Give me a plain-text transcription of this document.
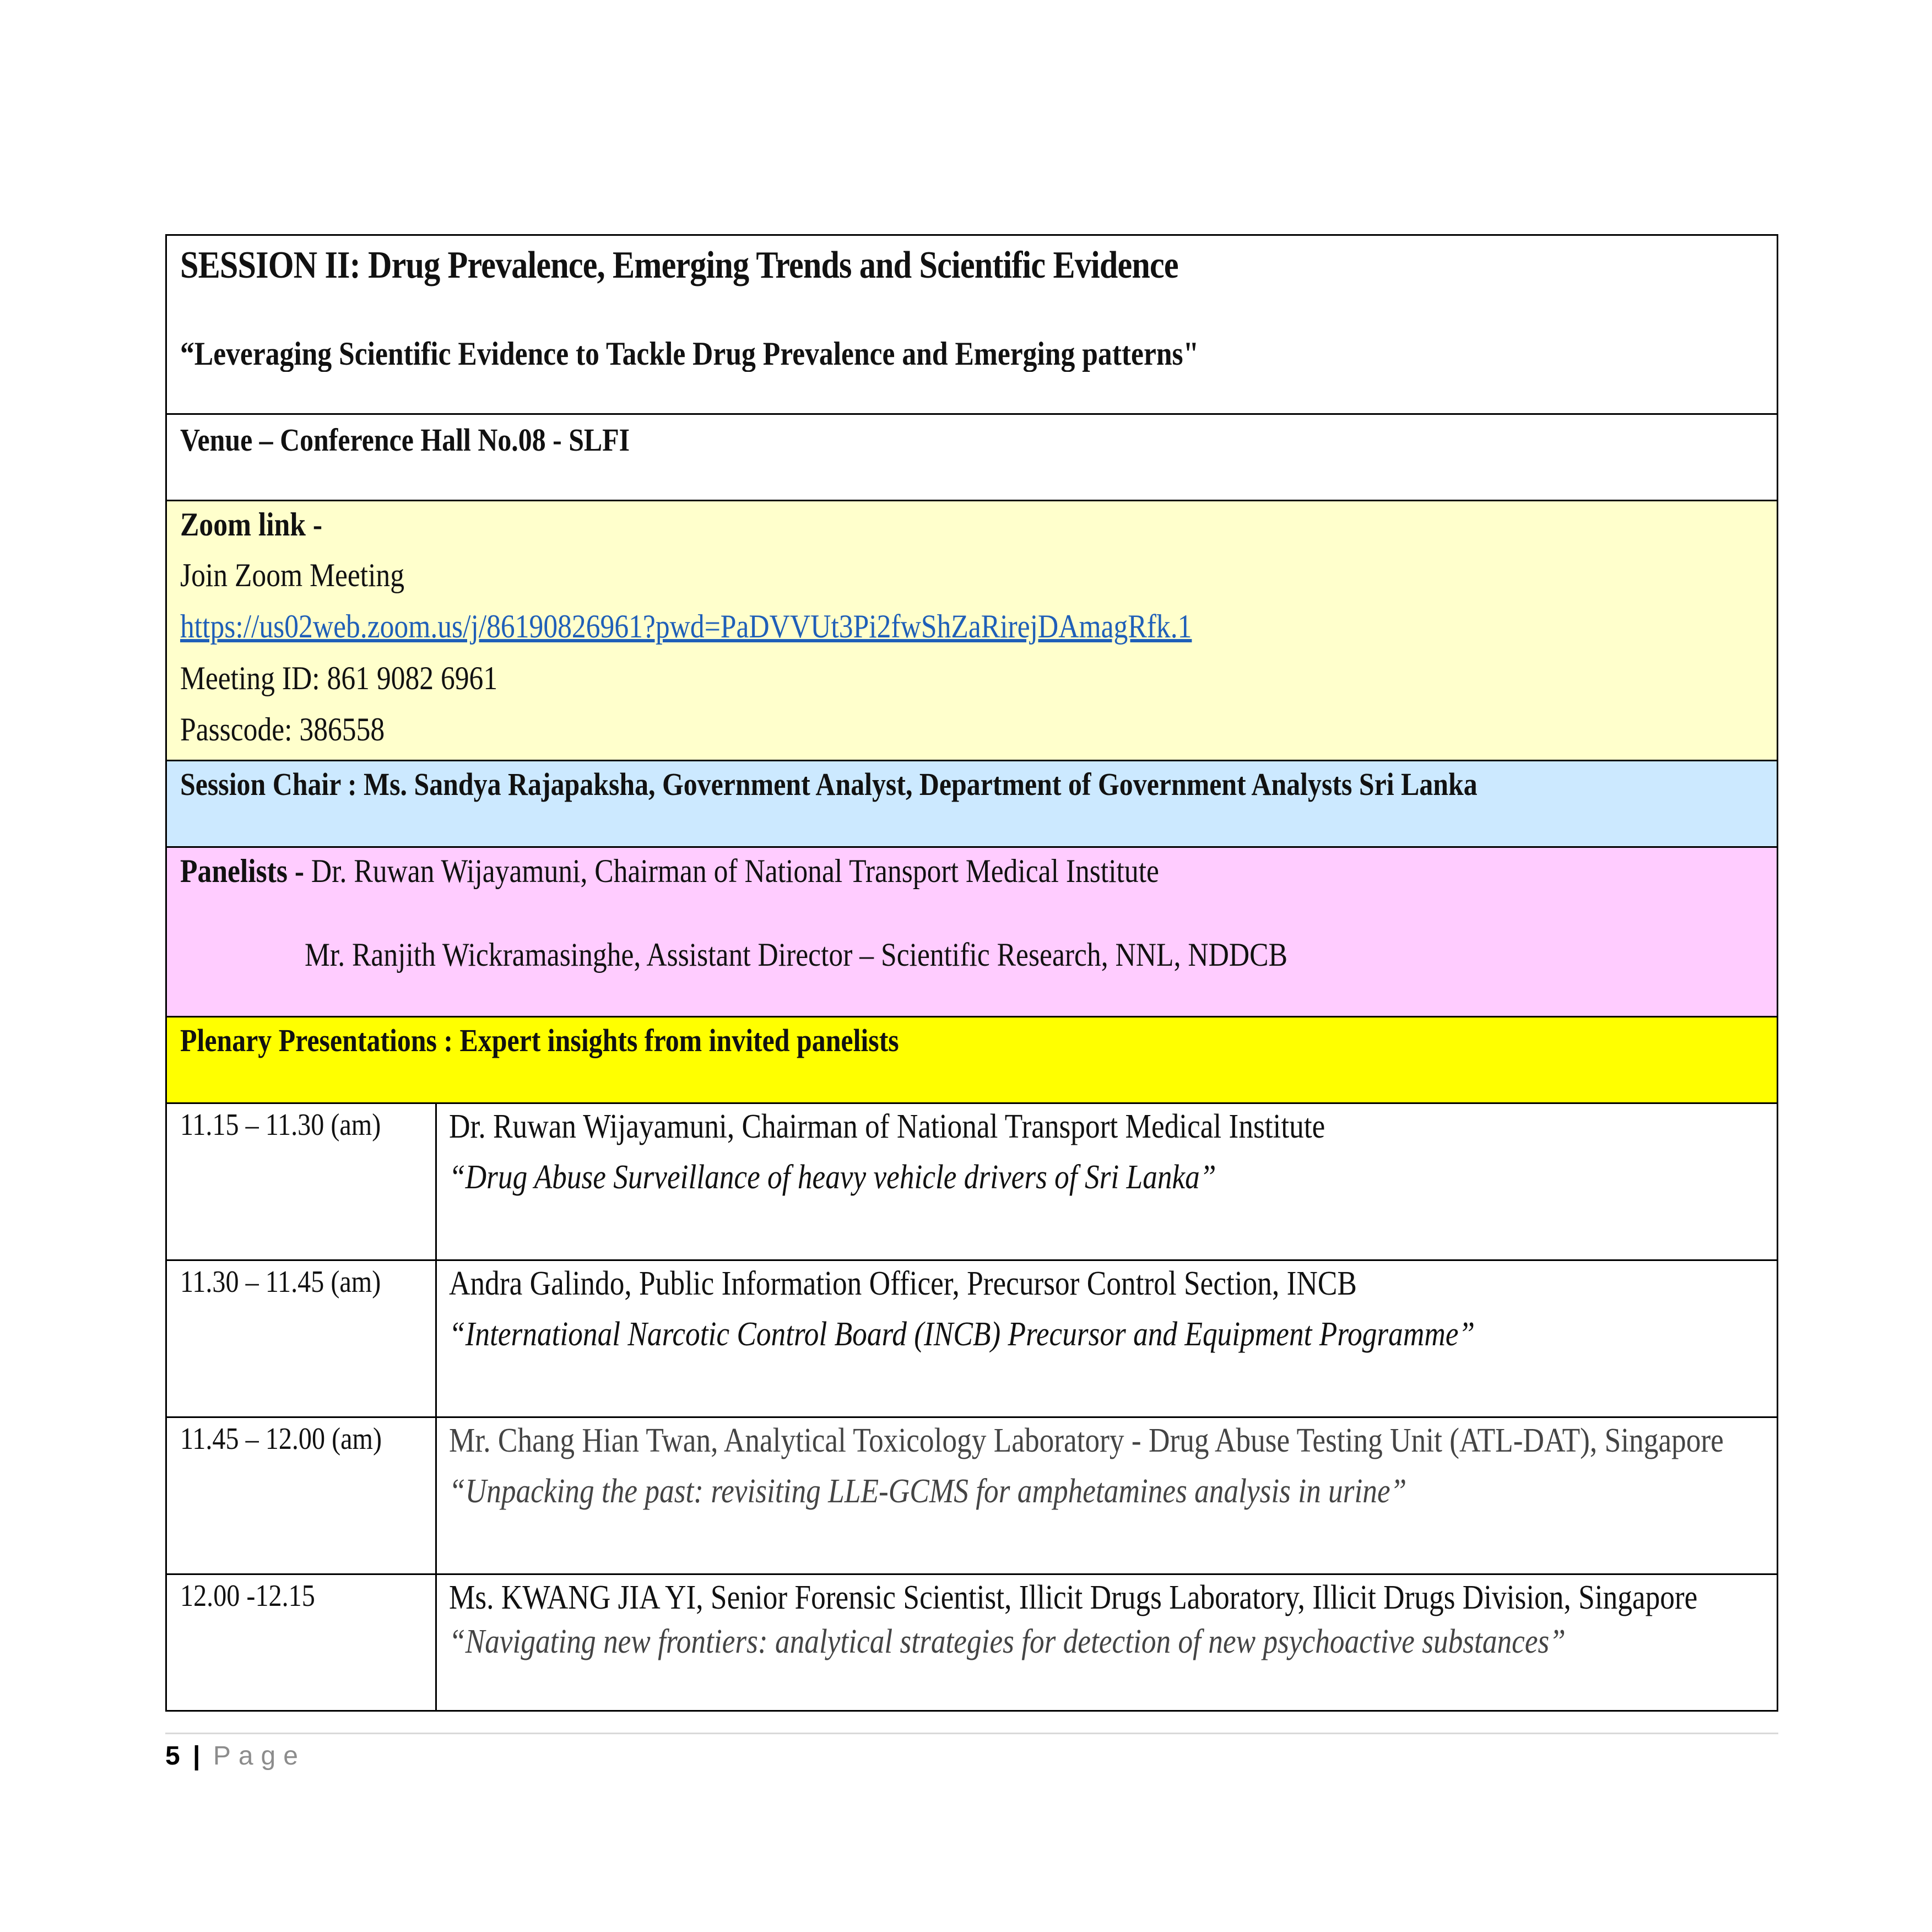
SESSION II: Drug Prevalence, Emerging Trends and Scientific Evidence
“Leveraging Scientific Evidence to Tackle Drug Prevalence and Emerging patterns"
Venue – Conference Hall No.08 - SLFI
Zoom link -
Join Zoom Meeting
https://us02web.zoom.us/j/86190826961?pwd=PaDVVUt3Pi2fwShZaRirejDAmagRfk.1
Meeting ID: 861 9082 6961
Passcode: 386558
Session Chair : Ms. Sandya Rajapaksha, Government Analyst, Department of Government Analysts Sri Lanka
Panelists - Dr. Ruwan Wijayamuni, Chairman of National Transport Medical Institute
Mr. Ranjith Wickramasinghe, Assistant Director – Scientific Research, NNL, NDDCB
Plenary Presentations : Expert insights from invited panelists
11.15 – 11.30 (am) Dr. Ruwan Wijayamuni, Chairman of National Transport Medical Institute
“Drug Abuse Surveillance of heavy vehicle drivers of Sri Lanka”
11.30 – 11.45 (am) Andra Galindo, Public Information Officer, Precursor Control Section, INCB
“International Narcotic Control Board (INCB) Precursor and Equipment Programme”
11.45 – 12.00 (am) Mr. Chang Hian Twan, Analytical Toxicology Laboratory - Drug Abuse Testing Unit (ATL-DAT), Singapore
“Unpacking the past: revisiting LLE-GCMS for amphetamines analysis in urine”
12.00 -12.15	Ms. KWANG JIA YI, Senior Forensic Scientist, Illicit Drugs Laboratory, Illicit Drugs Division, Singapore
“Navigating new frontiers: analytical strategies for detection of new psychoactive substances”
5 | Page
